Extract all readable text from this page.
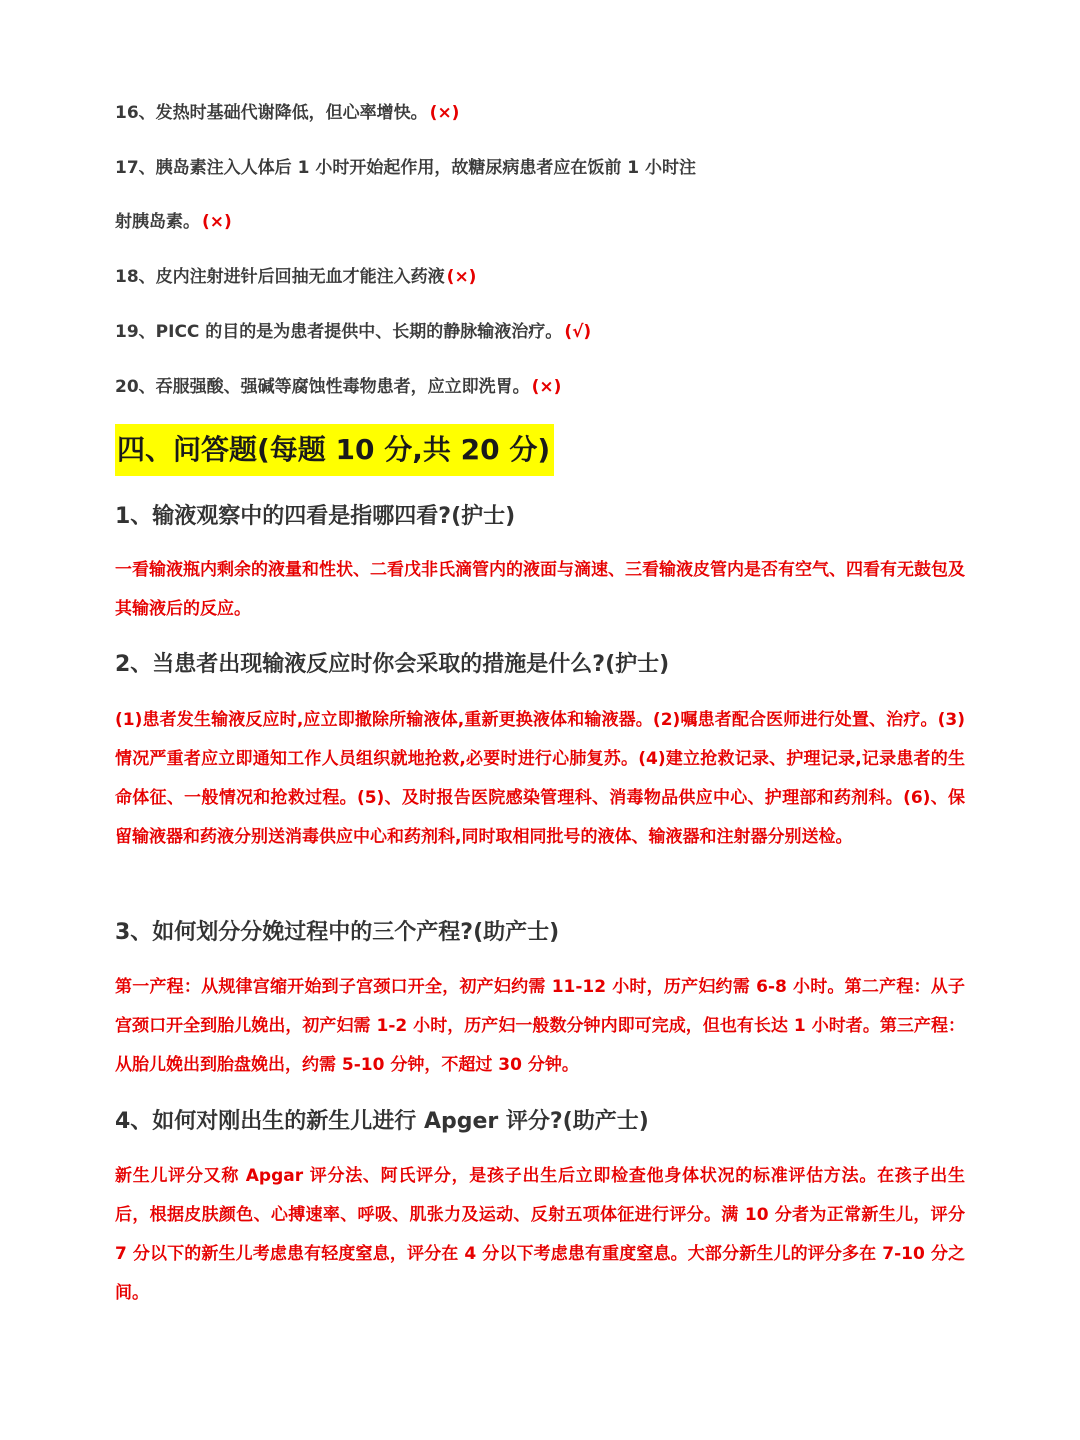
16、发热时基础代谢降低，但心率增快。 (×)
17、胰岛素注入人体后 1 小时开始起作用，故糖尿病患者应在饭前 1 小时注
射胰岛素。 (×)
18、皮内注射进针后回抽无血才能注入药液 (×)
19、PICC 的目的是为患者提供中、长期的静脉输液治疗。 (√)
20、吞服强酸、强碱等腐蚀性毒物患者，应立即洗胃。 (×)
四、问答题(每题 10 分,共 20 分)
1、输液观察中的四看是指哪四看?(护士)
一看输液瓶内剩余的液量和性状、二看戊非氏滴管内的液面与滴速、三看输液皮管内是否有空气、四看有无鼓包及其输液后的反应。
2、当患者出现输液反应时你会采取的措施是什么?(护士)
(1)患者发生输液反应时,应立即撤除所输液体,重新更换液体和输液器。(2)嘱患者配合医师进行处置、治疗。(3)情况严重者应立即通知工作人员组织就地抢救,必要时进行心肺复苏。(4)建立抢救记录、护理记录,记录患者的生命体征、一般情况和抢救过程。(5)、及时报告医院感染管理科、消毒物品供应中心、护理部和药剂科。(6)、保留输液器和药液分别送消毒供应中心和药剂科,同时取相同批号的液体、输液器和注射器分别送检。
3、如何划分分娩过程中的三个产程?(助产士)
第一产程：从规律宫缩开始到子宫颈口开全，初产妇约需 11-12 小时，历产妇约需 6-8 小时。第二产程：从子宫颈口开全到胎儿娩出，初产妇需 1-2 小时，历产妇一般数分钟内即可完成，但也有长达 1 小时者。第三产程：从胎儿娩出到胎盘娩出，约需 5-10 分钟，不超过 30 分钟。
4、如何对刚出生的新生儿进行 Apger 评分?(助产士)
新生儿评分又称 Apgar 评分法、阿氏评分，是孩子出生后立即检查他身体状况的标准评估方法。在孩子出生后，根据皮肤颜色、心搏速率、呼吸、肌张力及运动、反射五项体征进行评分。满 10 分者为正常新生儿，评分 7 分以下的新生儿考虑患有轻度窒息，评分在 4 分以下考虑患有重度窒息。大部分新生儿的评分多在 7-10 分之间。
